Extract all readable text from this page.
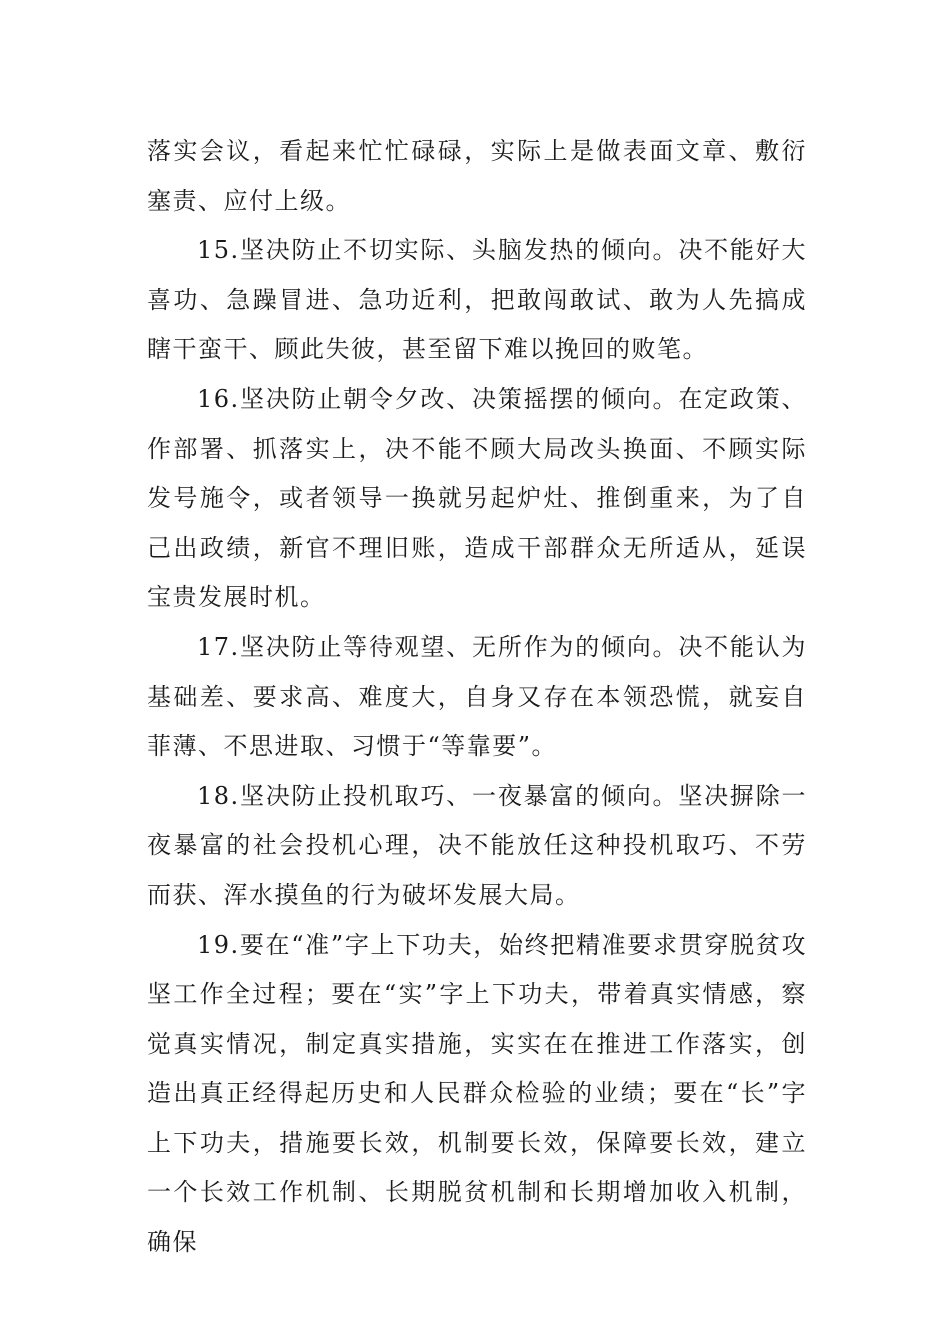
落实会议，看起来忙忙碌碌，实际上是做表面文章、敷衍塞责、应付上级。

15.坚决防止不切实际、头脑发热的倾向。决不能好大喜功、急躁冒进、急功近利，把敢闯敢试、敢为人先搞成瞎干蛮干、顾此失彼，甚至留下难以挽回的败笔。

16.坚决防止朝令夕改、决策摇摆的倾向。在定政策、作部署、抓落实上，决不能不顾大局改头换面、不顾实际发号施令，或者领导一换就另起炉灶、推倒重来，为了自己出政绩，新官不理旧账，造成干部群众无所适从，延误宝贵发展时机。

17.坚决防止等待观望、无所作为的倾向。决不能认为基础差、要求高、难度大，自身又存在本领恐慌，就妄自菲薄、不思进取、习惯于“等靠要”。

18.坚决防止投机取巧、一夜暴富的倾向。坚决摒除一夜暴富的社会投机心理，决不能放任这种投机取巧、不劳而获、浑水摸鱼的行为破坏发展大局。

19.要在“准”字上下功夫，始终把精准要求贯穿脱贫攻坚工作全过程；要在“实”字上下功夫，带着真实情感，察觉真实情况，制定真实措施，实实在在推进工作落实，创造出真正经得起历史和人民群众检验的业绩；要在“长”字上下功夫，措施要长效，机制要长效，保障要长效，建立一个长效工作机制、长期脱贫机制和长期增加收入机制，确保
